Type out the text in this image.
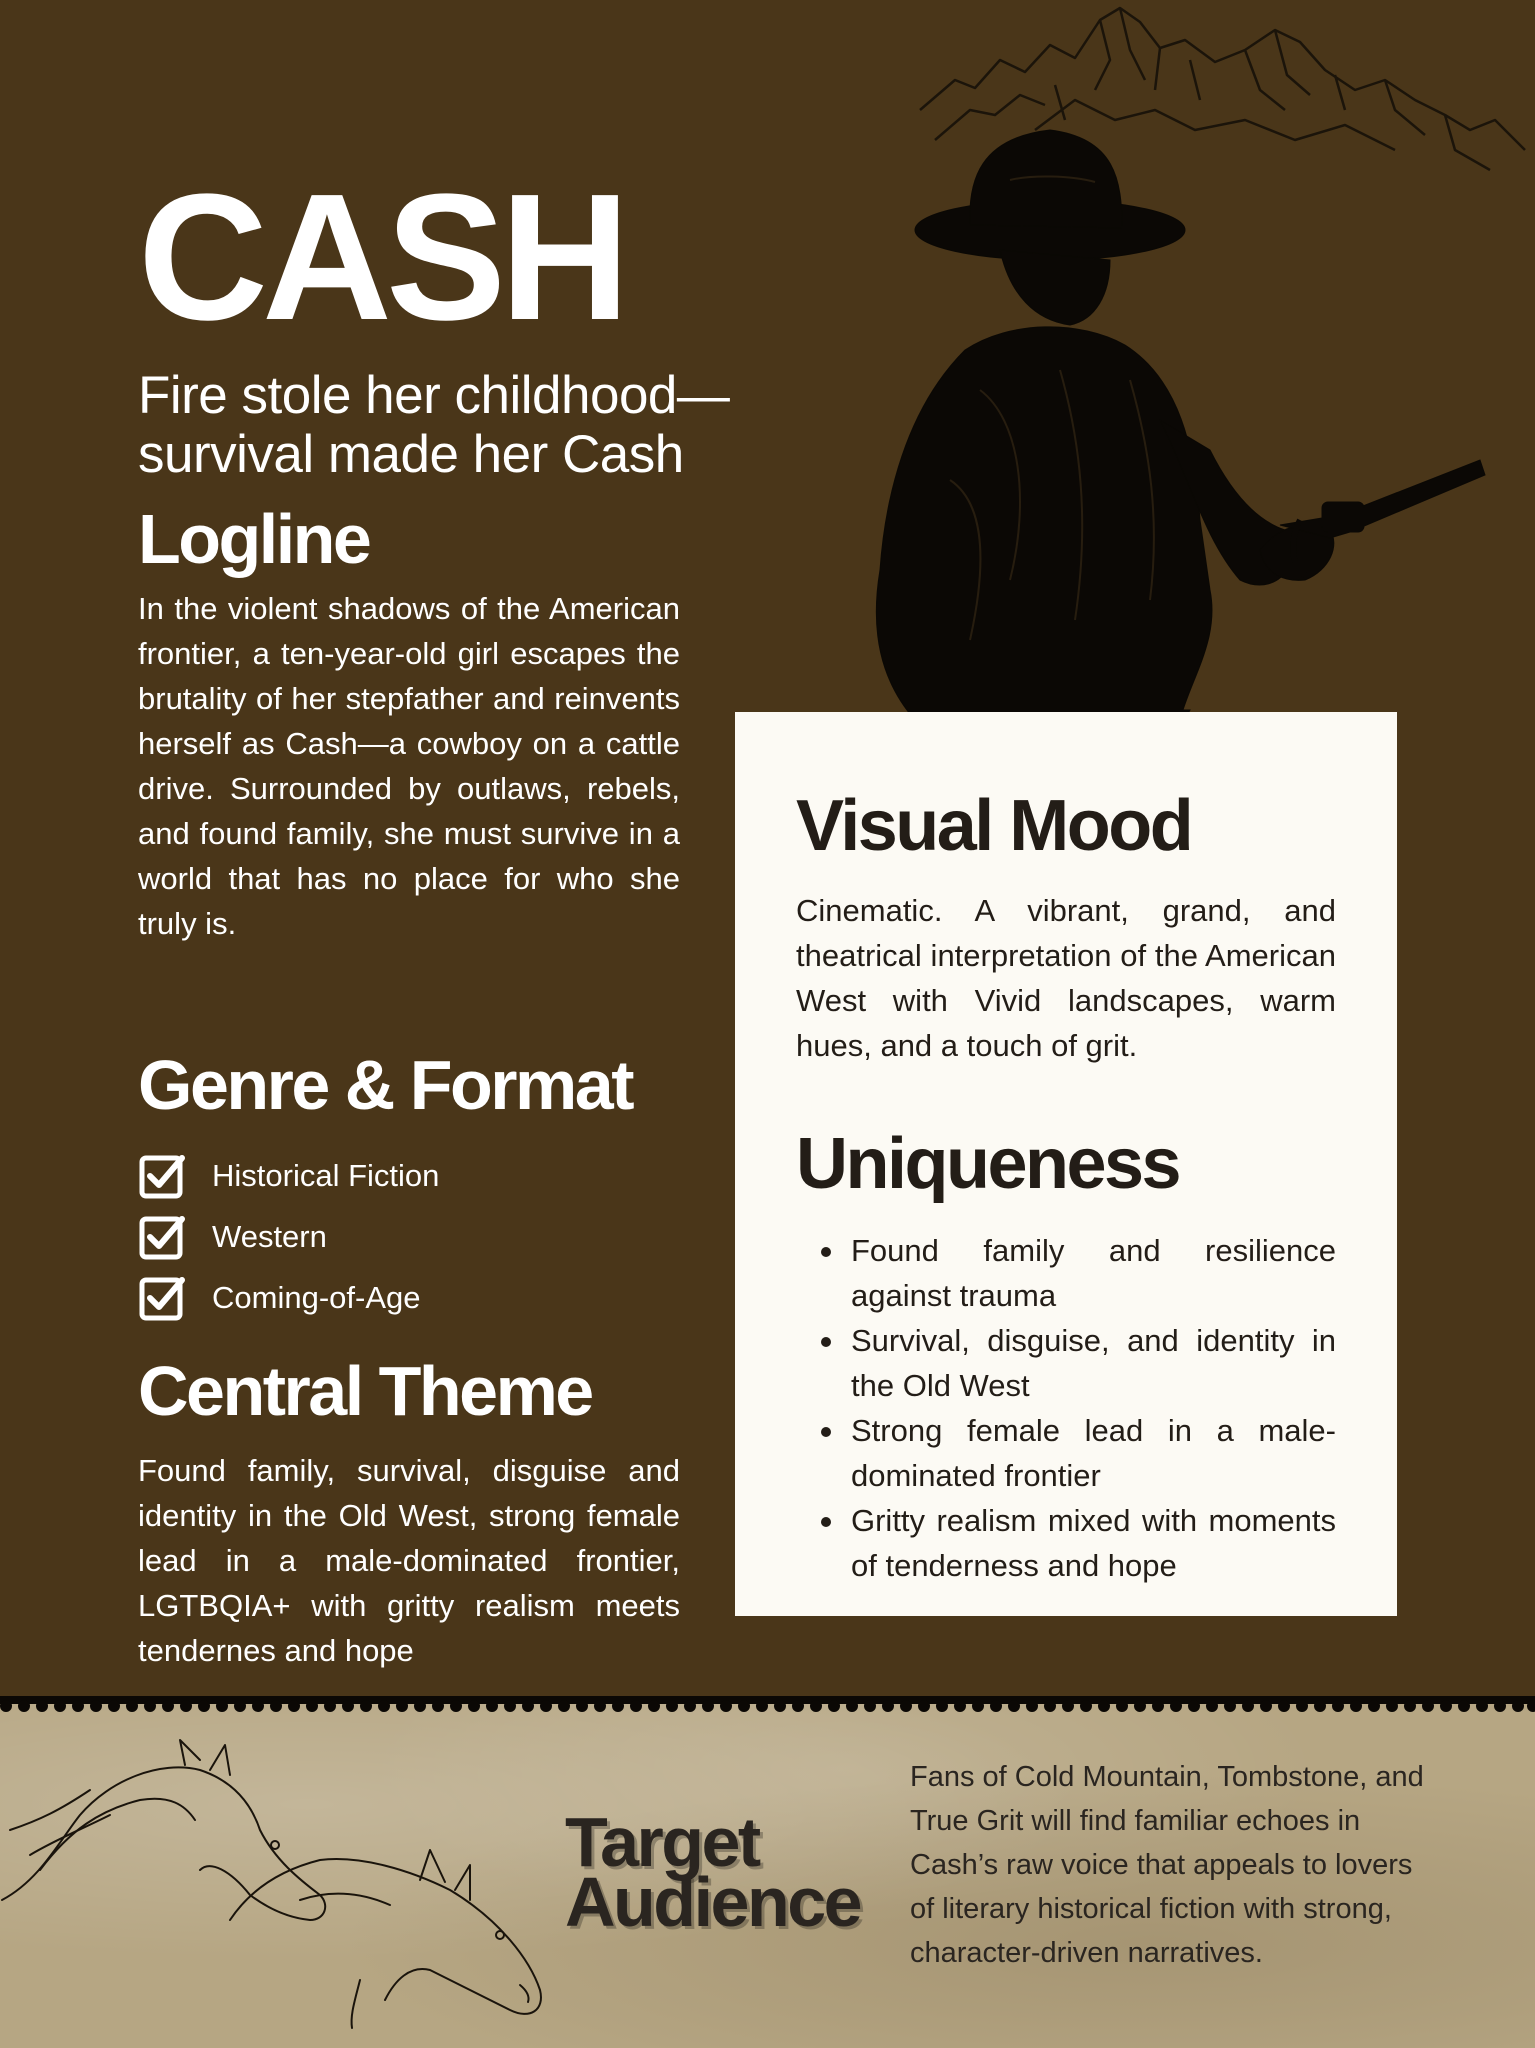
CASH
Fire stole her childhood—
survival made her Cash
Logline

In the violent shadows of the American frontier, a ten-year-old girl escapes the brutality of her stepfather and reinvents herself as Cash—a cowboy on a cattle drive. Surrounded by outlaws, rebels, and found family, she must survive in a world that has no place for who she truly is.

Genre & Format
Historical Fiction
Western
Coming-of-Age
Central Theme

Found family, survival, disguise and identity in the Old West, strong female lead in a male-dominated frontier, LGTBQIA+ with gritty realism meets tendernes and hope

Visual Mood

Cinematic. A vibrant, grand, and theatrical interpretation of the American West with Vivid landscapes, warm hues, and a touch of grit.

Uniqueness
Found family and resilience against trauma
Survival, disguise, and identity in the Old West
Strong female lead in a male-dominated frontier
Gritty realism mixed with moments of tenderness and hope
Target
Audience

Fans of Cold Mountain, Tombstone, and True Grit will find familiar echoes in Cash’s raw voice that appeals to lovers of literary historical fiction with strong, character-driven narratives.
